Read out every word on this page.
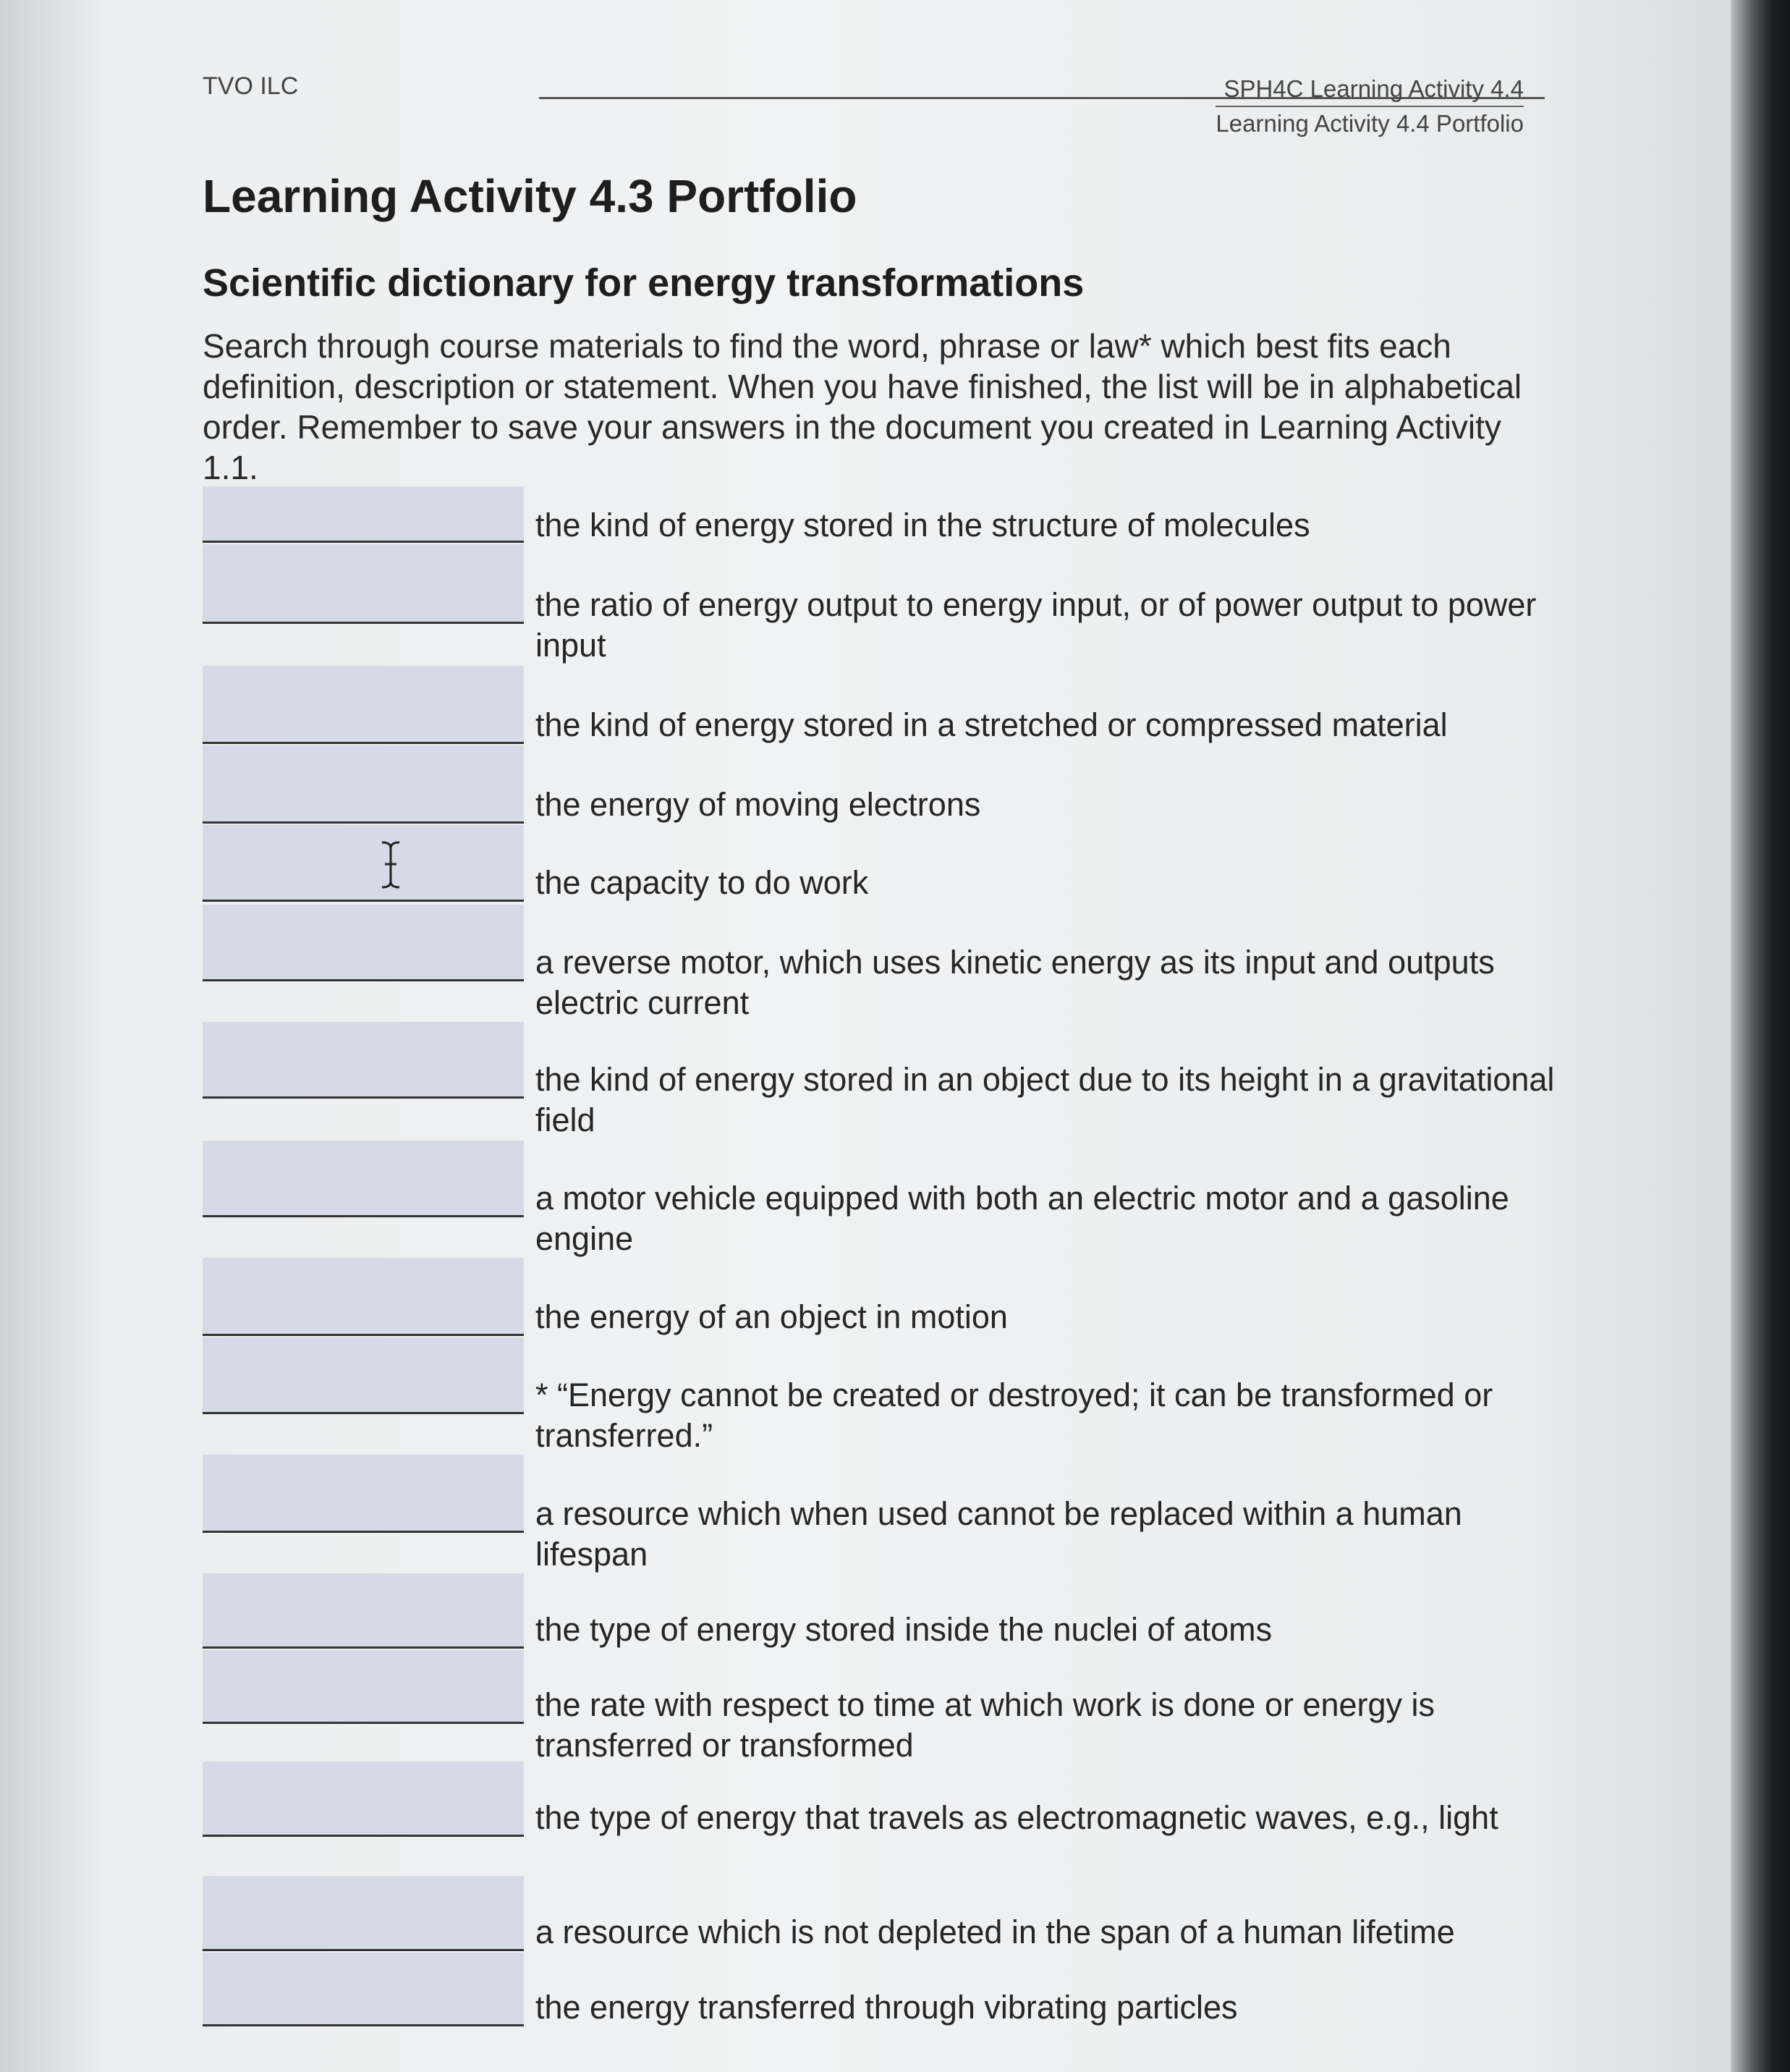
TVO ILC	SPH4C Learning Activity 4.4
Learning Activity 4.4 Portfolio
Learning Activity 4.3 Portfolio
Scientific dictionary for energy transformations
Search through course materials to find the word, phrase or law* which best fits each definition, description or statement. When you have finished, the list will be in alphabetical order. Remember to save your answers in the document you created in Learning Activity 1.1.
the kind of energy stored in the structure of molecules
the ratio of energy output to energy input, or of power output to power input
the kind of energy stored in a stretched or compressed material
the energy of moving electrons
the capacity to do work
a reverse motor, which uses kinetic energy as its input and outputs electric current
the kind of energy stored in an object due to its height in a gravitational field
a motor vehicle equipped with both an electric motor and a gasoline engine
the energy of an object in motion
* “Energy cannot be created or destroyed; it can be transformed or transferred.”
a resource which when used cannot be replaced within a human lifespan
the type of energy stored inside the nuclei of atoms
the rate with respect to time at which work is done or energy is transferred or transformed
the type of energy that travels as electromagnetic waves, e.g., light
a resource which is not depleted in the span of a human lifetime
the energy transferred through vibrating particles
